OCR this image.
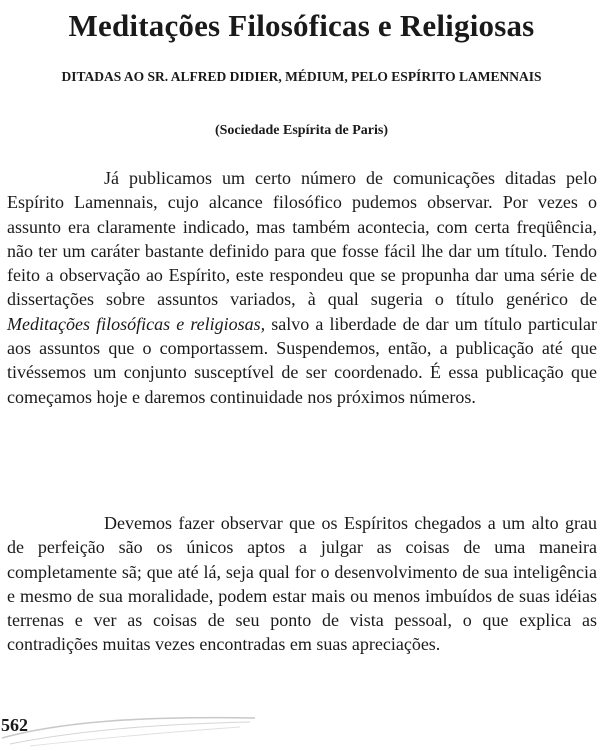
Meditações Filosóficas e Religiosas
DITADAS AO SR. ALFRED DIDIER, MÉDIUM, PELO ESPÍRITO LAMENNAIS
(Sociedade Espírita de Paris)

Já publicamos um certo número de comunicações ditadas pelo Espírito Lamennais, cujo alcance filosófico pudemos observar. Por vezes o assunto era claramente indicado, mas também acontecia, com certa freqüência, não ter um caráter bastante definido para que fosse fácil lhe dar um título. Tendo feito a observação ao Espírito, este respondeu que se propunha dar uma série de dissertações sobre assuntos variados, à qual sugeria o título genérico de Meditações filosóficas e religiosas, salvo a liberdade de dar um título particular aos assuntos que o comportassem. Suspendemos, então, a publicação até que tivéssemos um conjunto susceptível de ser coordenado. É essa publicação que começamos hoje e daremos continuidade nos próximos números.

Devemos fazer observar que os Espíritos chegados a um alto grau de perfeição são os únicos aptos a julgar as coisas de uma maneira completamente sã; que até lá, seja qual for o desenvolvimento de sua inteligência e mesmo de sua moralidade, podem estar mais ou menos imbuídos de suas idéias terrenas e ver as coisas de seu ponto de vista pessoal, o que explica as contradições muitas vezes encontradas em suas apreciações.

562
